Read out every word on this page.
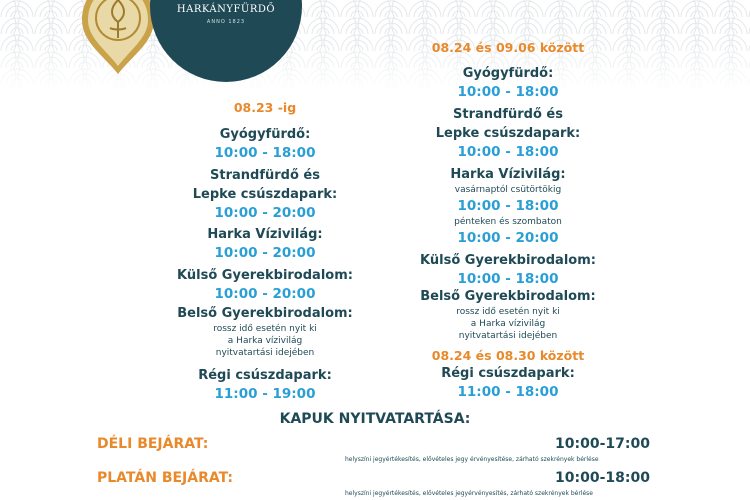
HARKÁNYFÜRDŐ
ANNO 1823
08.23 -ig
Gyógyfürdő:
10:00 - 18:00
Strandfürdő és
Lepke csúszdapark:
10:00 - 20:00
Harka Vízivilág:
10:00 - 20:00
Külső Gyerekbirodalom:
10:00 - 20:00
Belső Gyerekbirodalom:
rossz idő esetén nyit ki
a Harka vízivilág
nyitvatartási idejében
Régi csúszdapark:
11:00 - 19:00
08.24 és 09.06 között
Gyógyfürdő:
10:00 - 18:00
Strandfürdő és
Lepke csúszdapark:
10:00 - 18:00
Harka Vízivilág:
vasárnaptól csütörtökig
10:00 - 18:00
pénteken és szombaton
10:00 - 20:00
Külső Gyerekbirodalom:
10:00 - 18:00
Belső Gyerekbirodalom:
rossz idő esetén nyit ki
a Harka vízivilág
nyitvatartási idejében
08.24 és 08.30 között
Régi csúszdapark:
11:00 - 18:00
KAPUK NYITVATARTÁSA:
DÉLI BEJÁRAT:	10:00-17:00
helyszíni jegyértékesítés, elővételes jegy érvényesítése, zárható szekrények bérlése
PLATÁN BEJÁRAT:	10:00-18:00
helyszíni jegyértékesítés, elővételes jegyérvényesítés, zárható szekrények bérlése
